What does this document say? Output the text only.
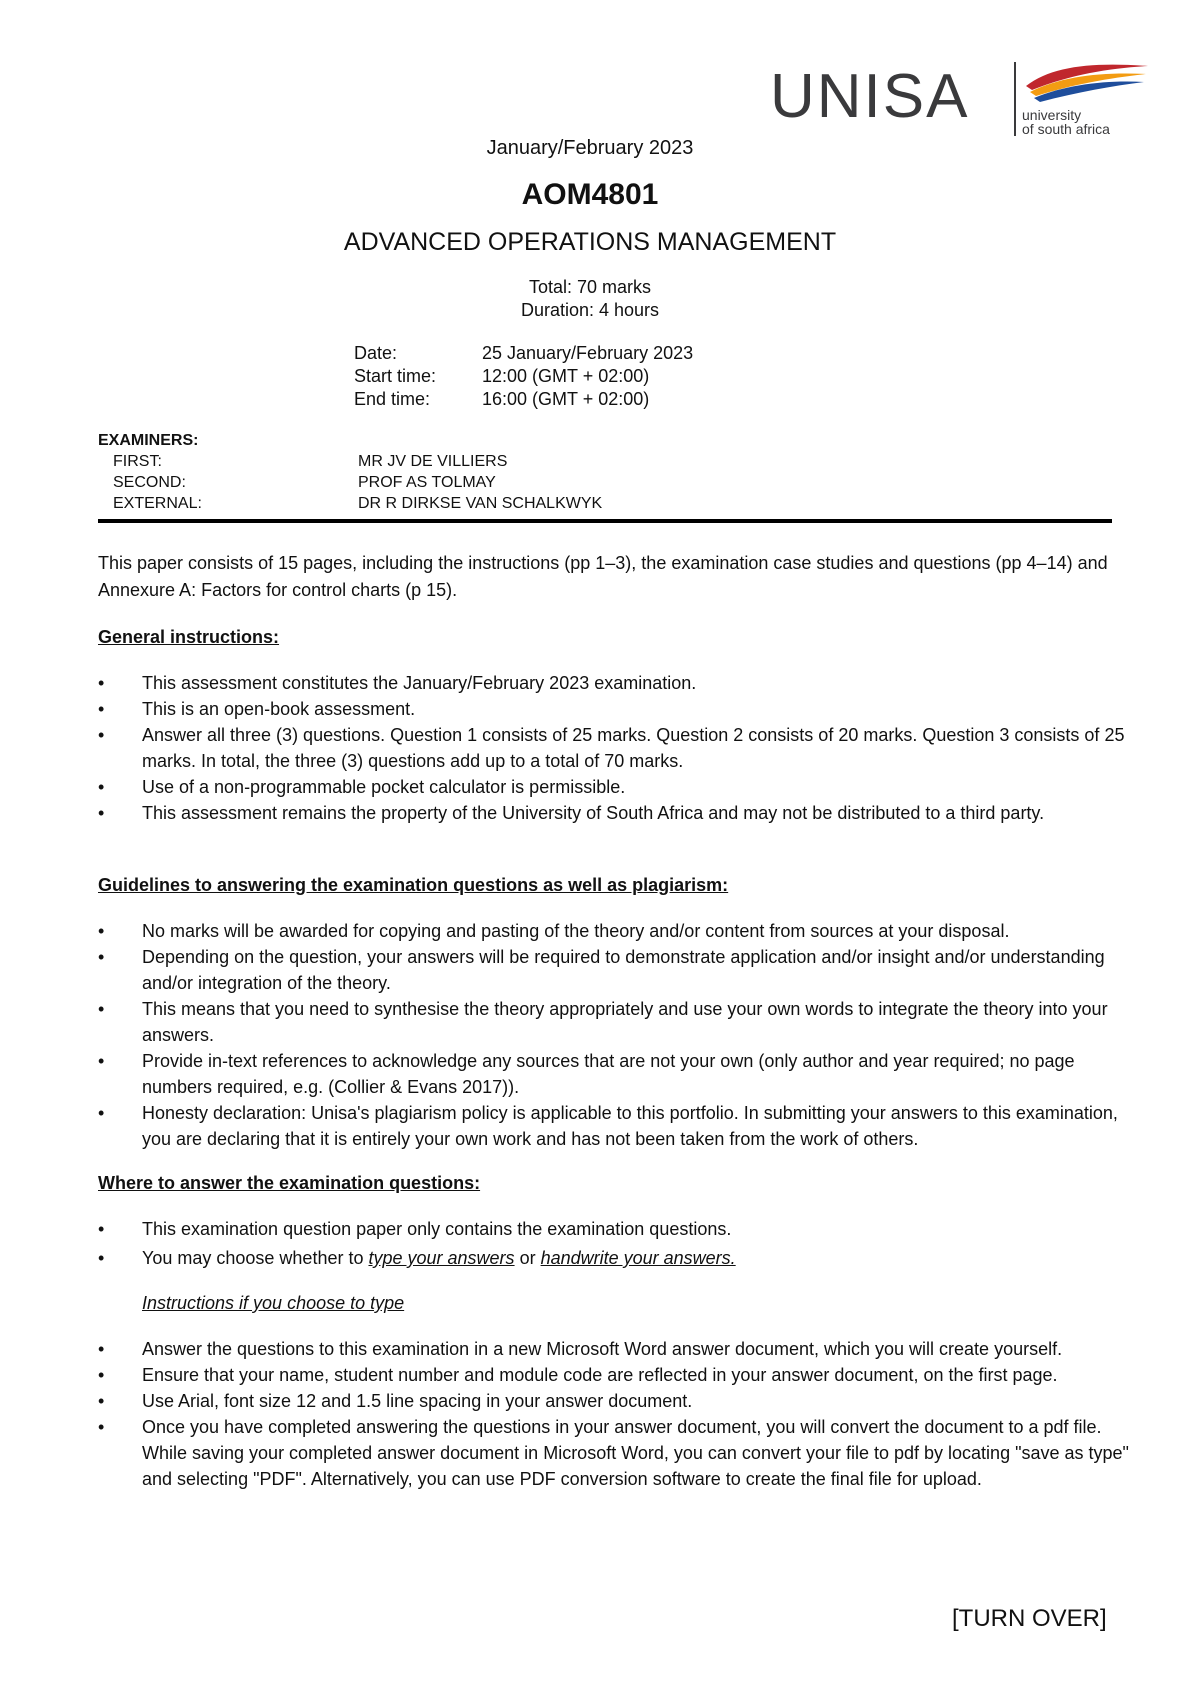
UNISA	university
of south africa
January/February 2023
AOM4801
ADVANCED OPERATIONS MANAGEMENT
Total: 70 marks
Duration: 4 hours
Date:	25 January/February 2023
Start time:	12:00 (GMT + 02:00)
End time:	16:00 (GMT + 02:00)
EXAMINERS:
FIRST:	MR JV DE VILLIERS
SECOND:	PROF AS TOLMAY
EXTERNAL:	DR R DIRKSE VAN SCHALKWYK
This paper consists of 15 pages, including the instructions (pp 1–3), the examination case studies and questions (pp 4–14) and Annexure A: Factors for control charts (p 15).
General instructions:
• This assessment constitutes the January/February 2023 examination.
• This is an open-book assessment.
• Answer all three (3) questions. Question 1 consists of 25 marks. Question 2 consists of 20 marks. Question 3 consists of 25 marks. In total, the three (3) questions add up to a total of 70 marks.
• Use of a non-programmable pocket calculator is permissible.
• This assessment remains the property of the University of South Africa and may not be distributed to a third party.
Guidelines to answering the examination questions as well as plagiarism:
• No marks will be awarded for copying and pasting of the theory and/or content from sources at your disposal.
• Depending on the question, your answers will be required to demonstrate application and/or insight and/or understanding and/or integration of the theory.
• This means that you need to synthesise the theory appropriately and use your own words to integrate the theory into your answers.
• Provide in-text references to acknowledge any sources that are not your own (only author and year required; no page numbers required, e.g. (Collier & Evans 2017)).
• Honesty declaration: Unisa's plagiarism policy is applicable to this portfolio. In submitting your answers to this examination, you are declaring that it is entirely your own work and has not been taken from the work of others.
Where to answer the examination questions:
• This examination question paper only contains the examination questions.
• You may choose whether to type your answers or handwrite your answers.
Instructions if you choose to type
• Answer the questions to this examination in a new Microsoft Word answer document, which you will create yourself.
• Ensure that your name, student number and module code are reflected in your answer document, on the first page.
• Use Arial, font size 12 and 1.5 line spacing in your answer document.
• Once you have completed answering the questions in your answer document, you will convert the document to a pdf file. While saving your completed answer document in Microsoft Word, you can convert your file to pdf by locating "save as type" and selecting "PDF". Alternatively, you can use PDF conversion software to create the final file for upload.
[TURN OVER]
